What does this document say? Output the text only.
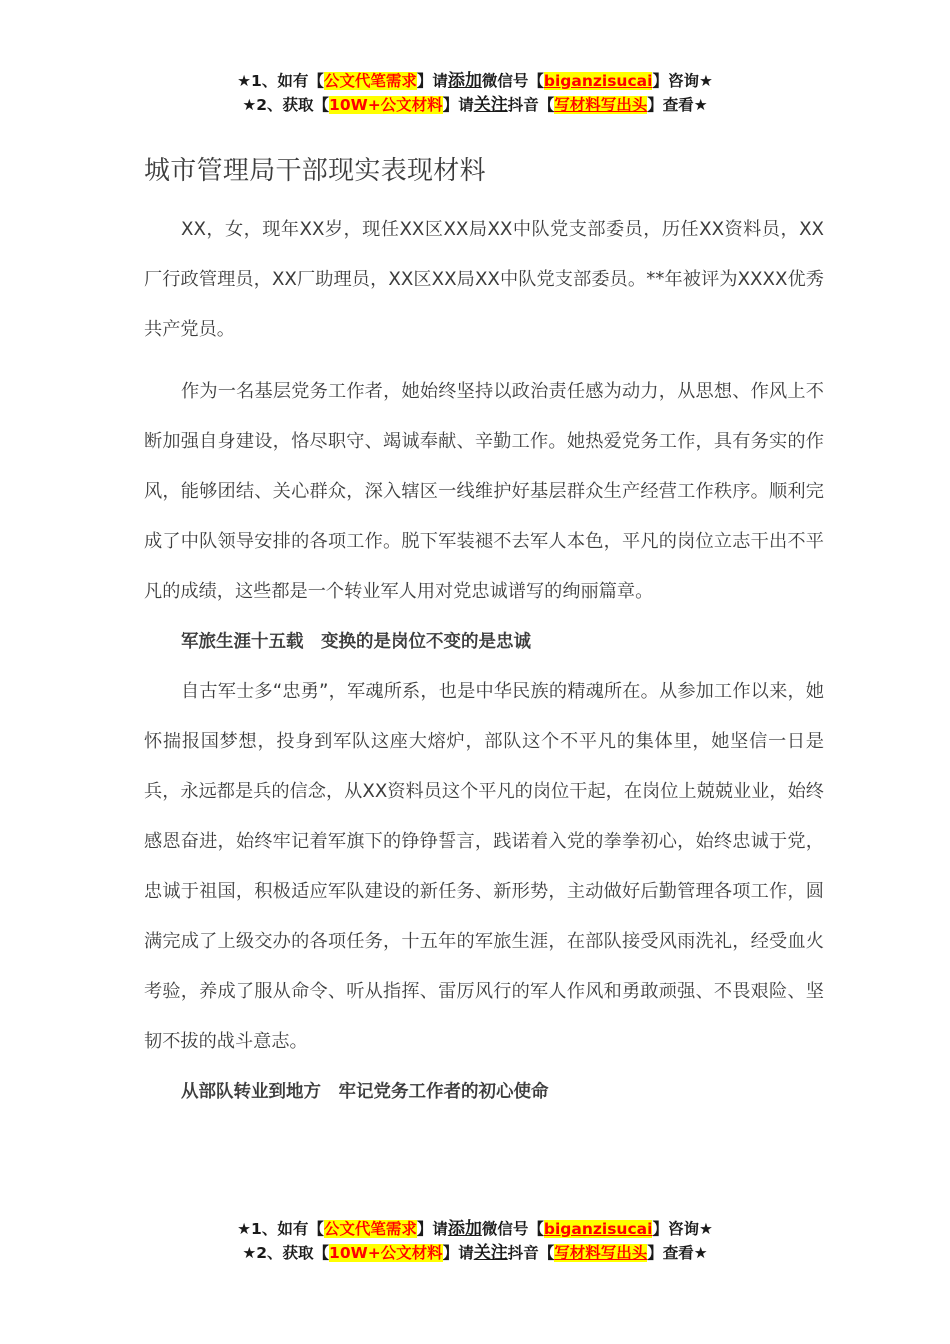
★1、如有【公文代笔需求】请添加微信号【biganzisucai】咨询★
★2、获取【10W+公文材料】请关注抖音【写材料写出头】查看★
城市管理局干部现实表现材料

XX，女，现年XX岁，现任XX区XX局XX中队党支部委员，历任XX资料员，XX厂行政管理员，XX厂助理员，XX区XX局XX中队党支部委员。**年被评为XXXX优秀共产党员。

作为一名基层党务工作者，她始终坚持以政治责任感为动力，从思想、作风上不断加强自身建设，恪尽职守、竭诚奉献、辛勤工作。她热爱党务工作，具有务实的作风，能够团结、关心群众，深入辖区一线维护好基层群众生产经营工作秩序。顺利完成了中队领导安排的各项工作。脱下军装褪不去军人本色，平凡的岗位立志干出不平凡的成绩，这些都是一个转业军人用对党忠诚谱写的绚丽篇章。

军旅生涯十五载　变换的是岗位不变的是忠诚

自古军士多“忠勇”，军魂所系，也是中华民族的精魂所在。从参加工作以来，她怀揣报国梦想，投身到军队这座大熔炉，部队这个不平凡的集体里，她坚信一日是兵，永远都是兵的信念，从XX资料员这个平凡的岗位干起，在岗位上兢兢业业，始终感恩奋进，始终牢记着军旗下的铮铮誓言，践诺着入党的拳拳初心，始终忠诚于党，忠诚于祖国，积极适应军队建设的新任务、新形势，主动做好后勤管理各项工作，圆满完成了上级交办的各项任务，十五年的军旅生涯，在部队接受风雨洗礼，经受血火考验，养成了服从命令、听从指挥、雷厉风行的军人作风和勇敢顽强、不畏艰险、坚韧不拔的战斗意志。

从部队转业到地方　牢记党务工作者的初心使命

★1、如有【公文代笔需求】请添加微信号【biganzisucai】咨询★
★2、获取【10W+公文材料】请关注抖音【写材料写出头】查看★
